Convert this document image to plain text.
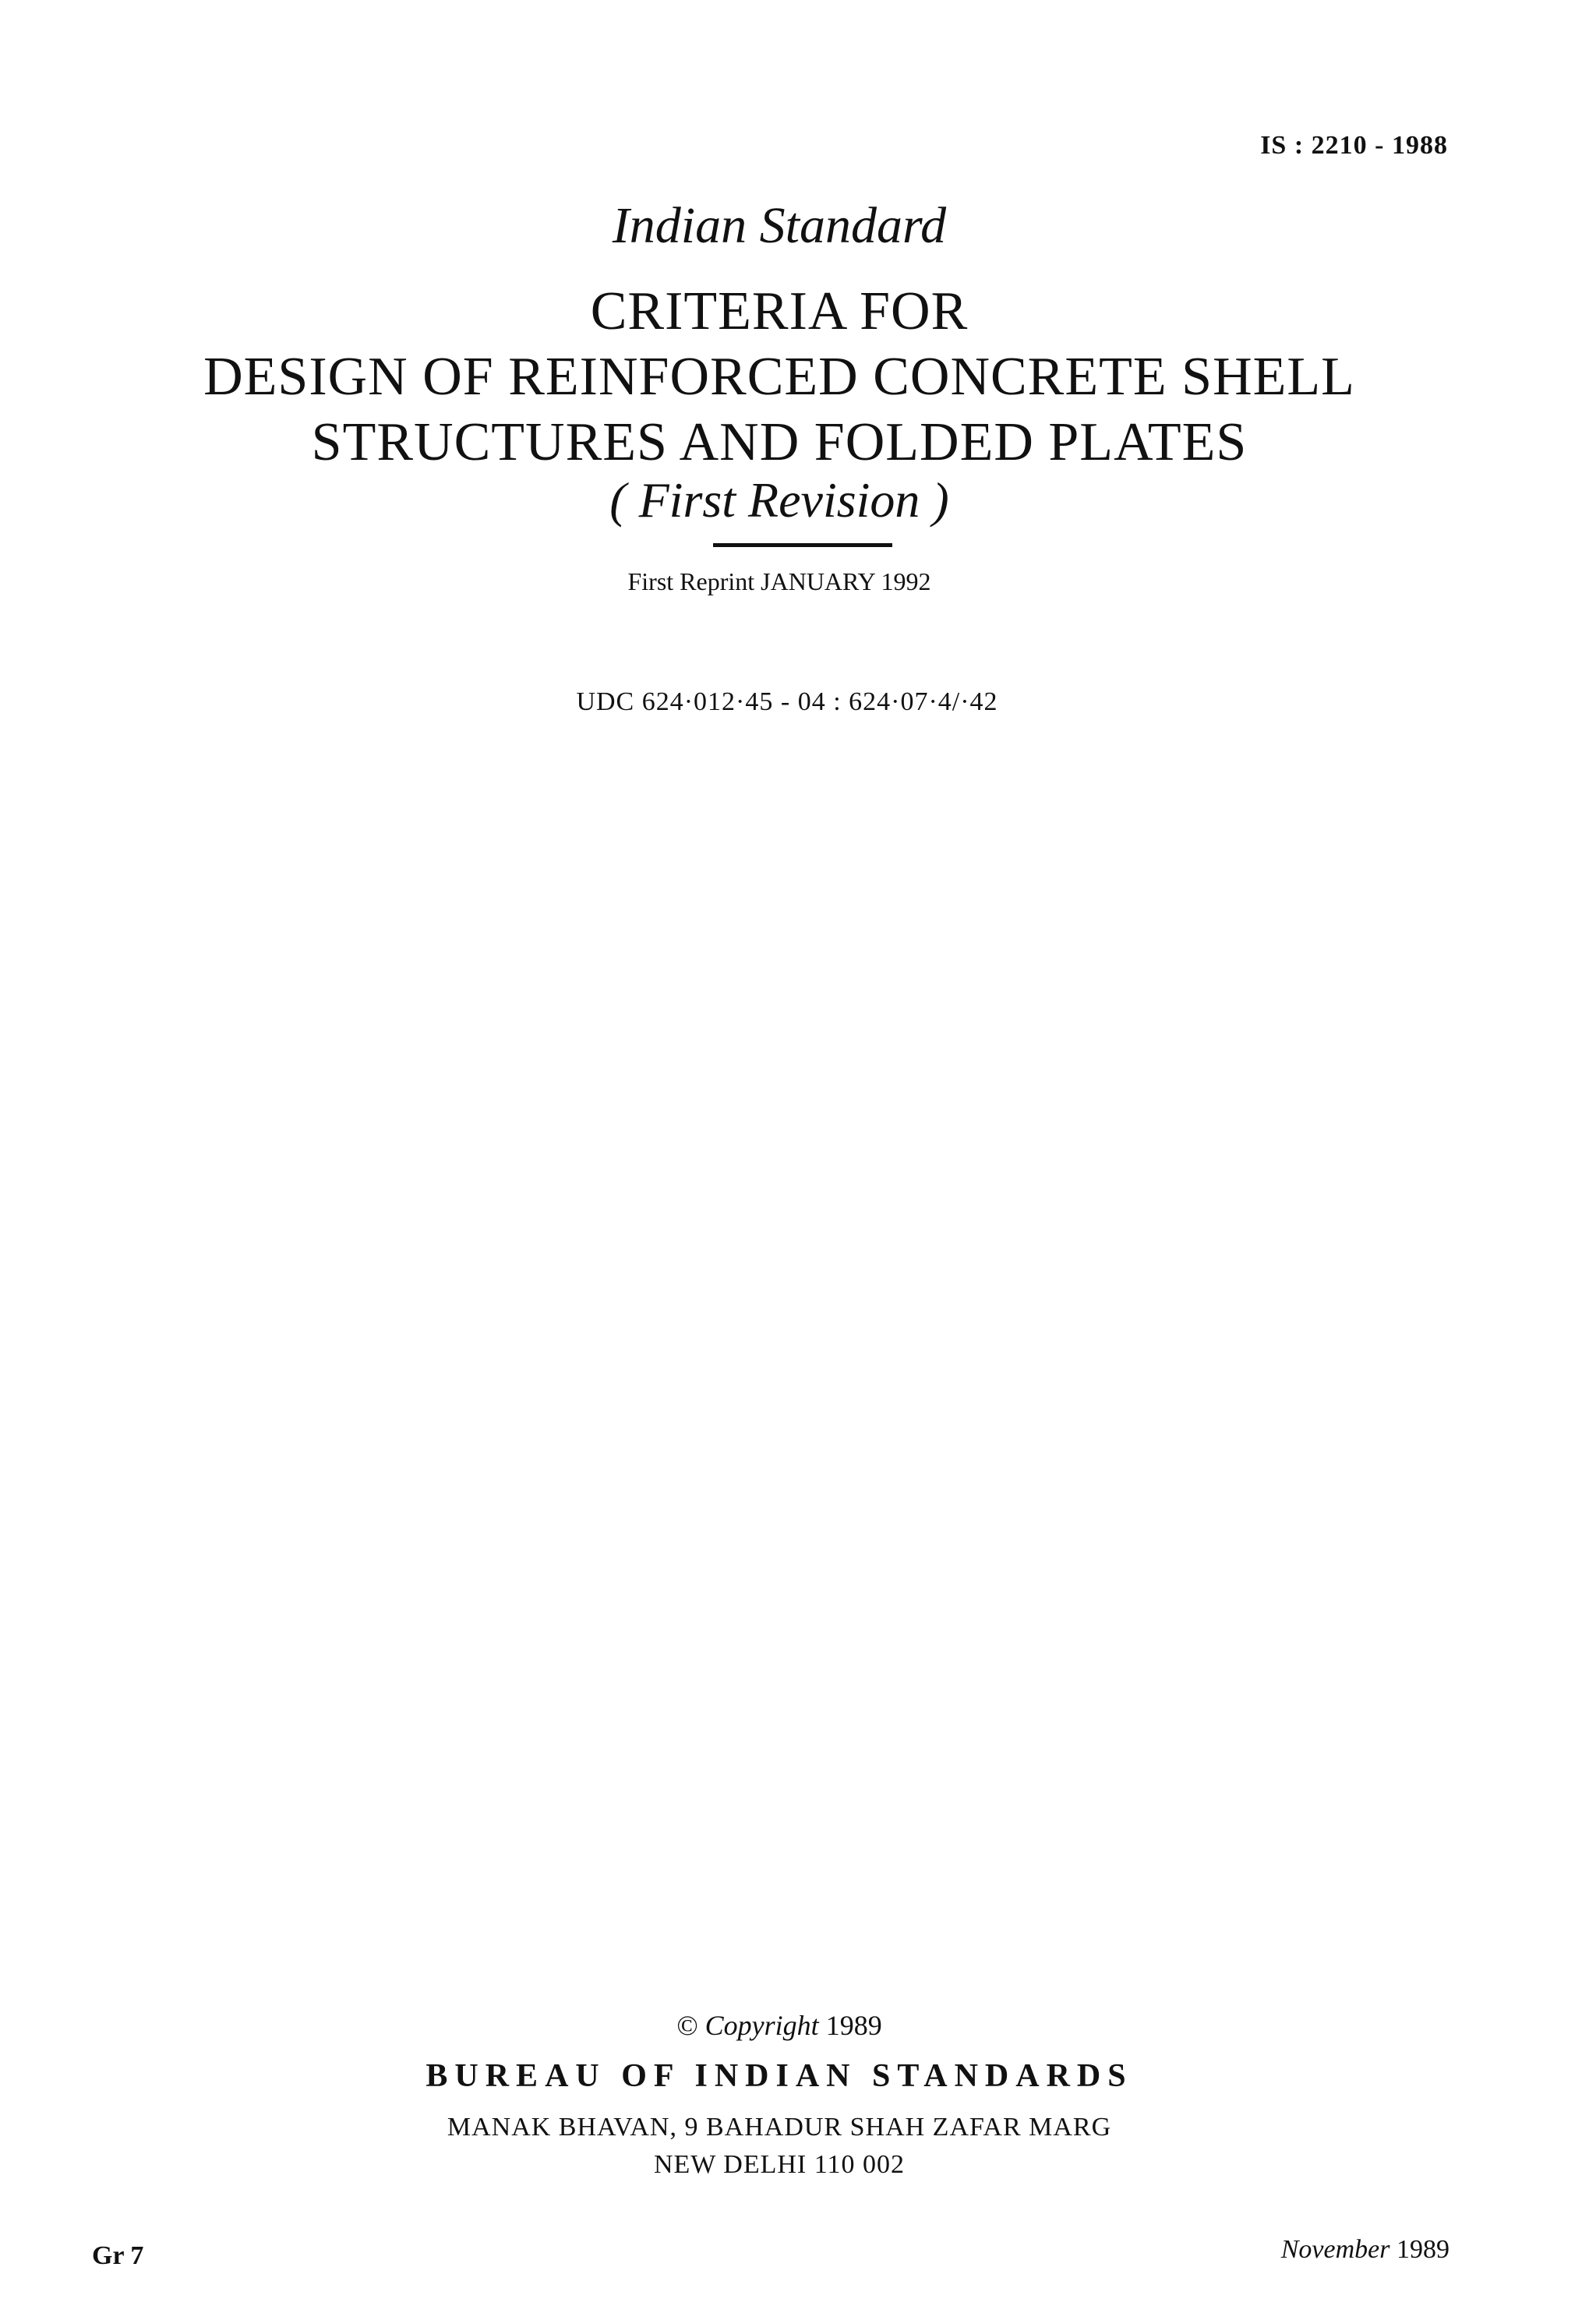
IS : 2210 - 1988
Indian Standard
CRITERIA FOR
DESIGN OF REINFORCED CONCRETE SHELL
STRUCTURES AND FOLDED PLATES
( First Revision )
First Reprint JANUARY 1992
UDC 624·012·45 - 04 : 624·07·4/·42
© Copyright 1989
BUREAU OF INDIAN STANDARDS
MANAK BHAVAN, 9 BAHADUR SHAH ZAFAR MARG
NEW DELHI 110 002
Gr 7	November 1989
